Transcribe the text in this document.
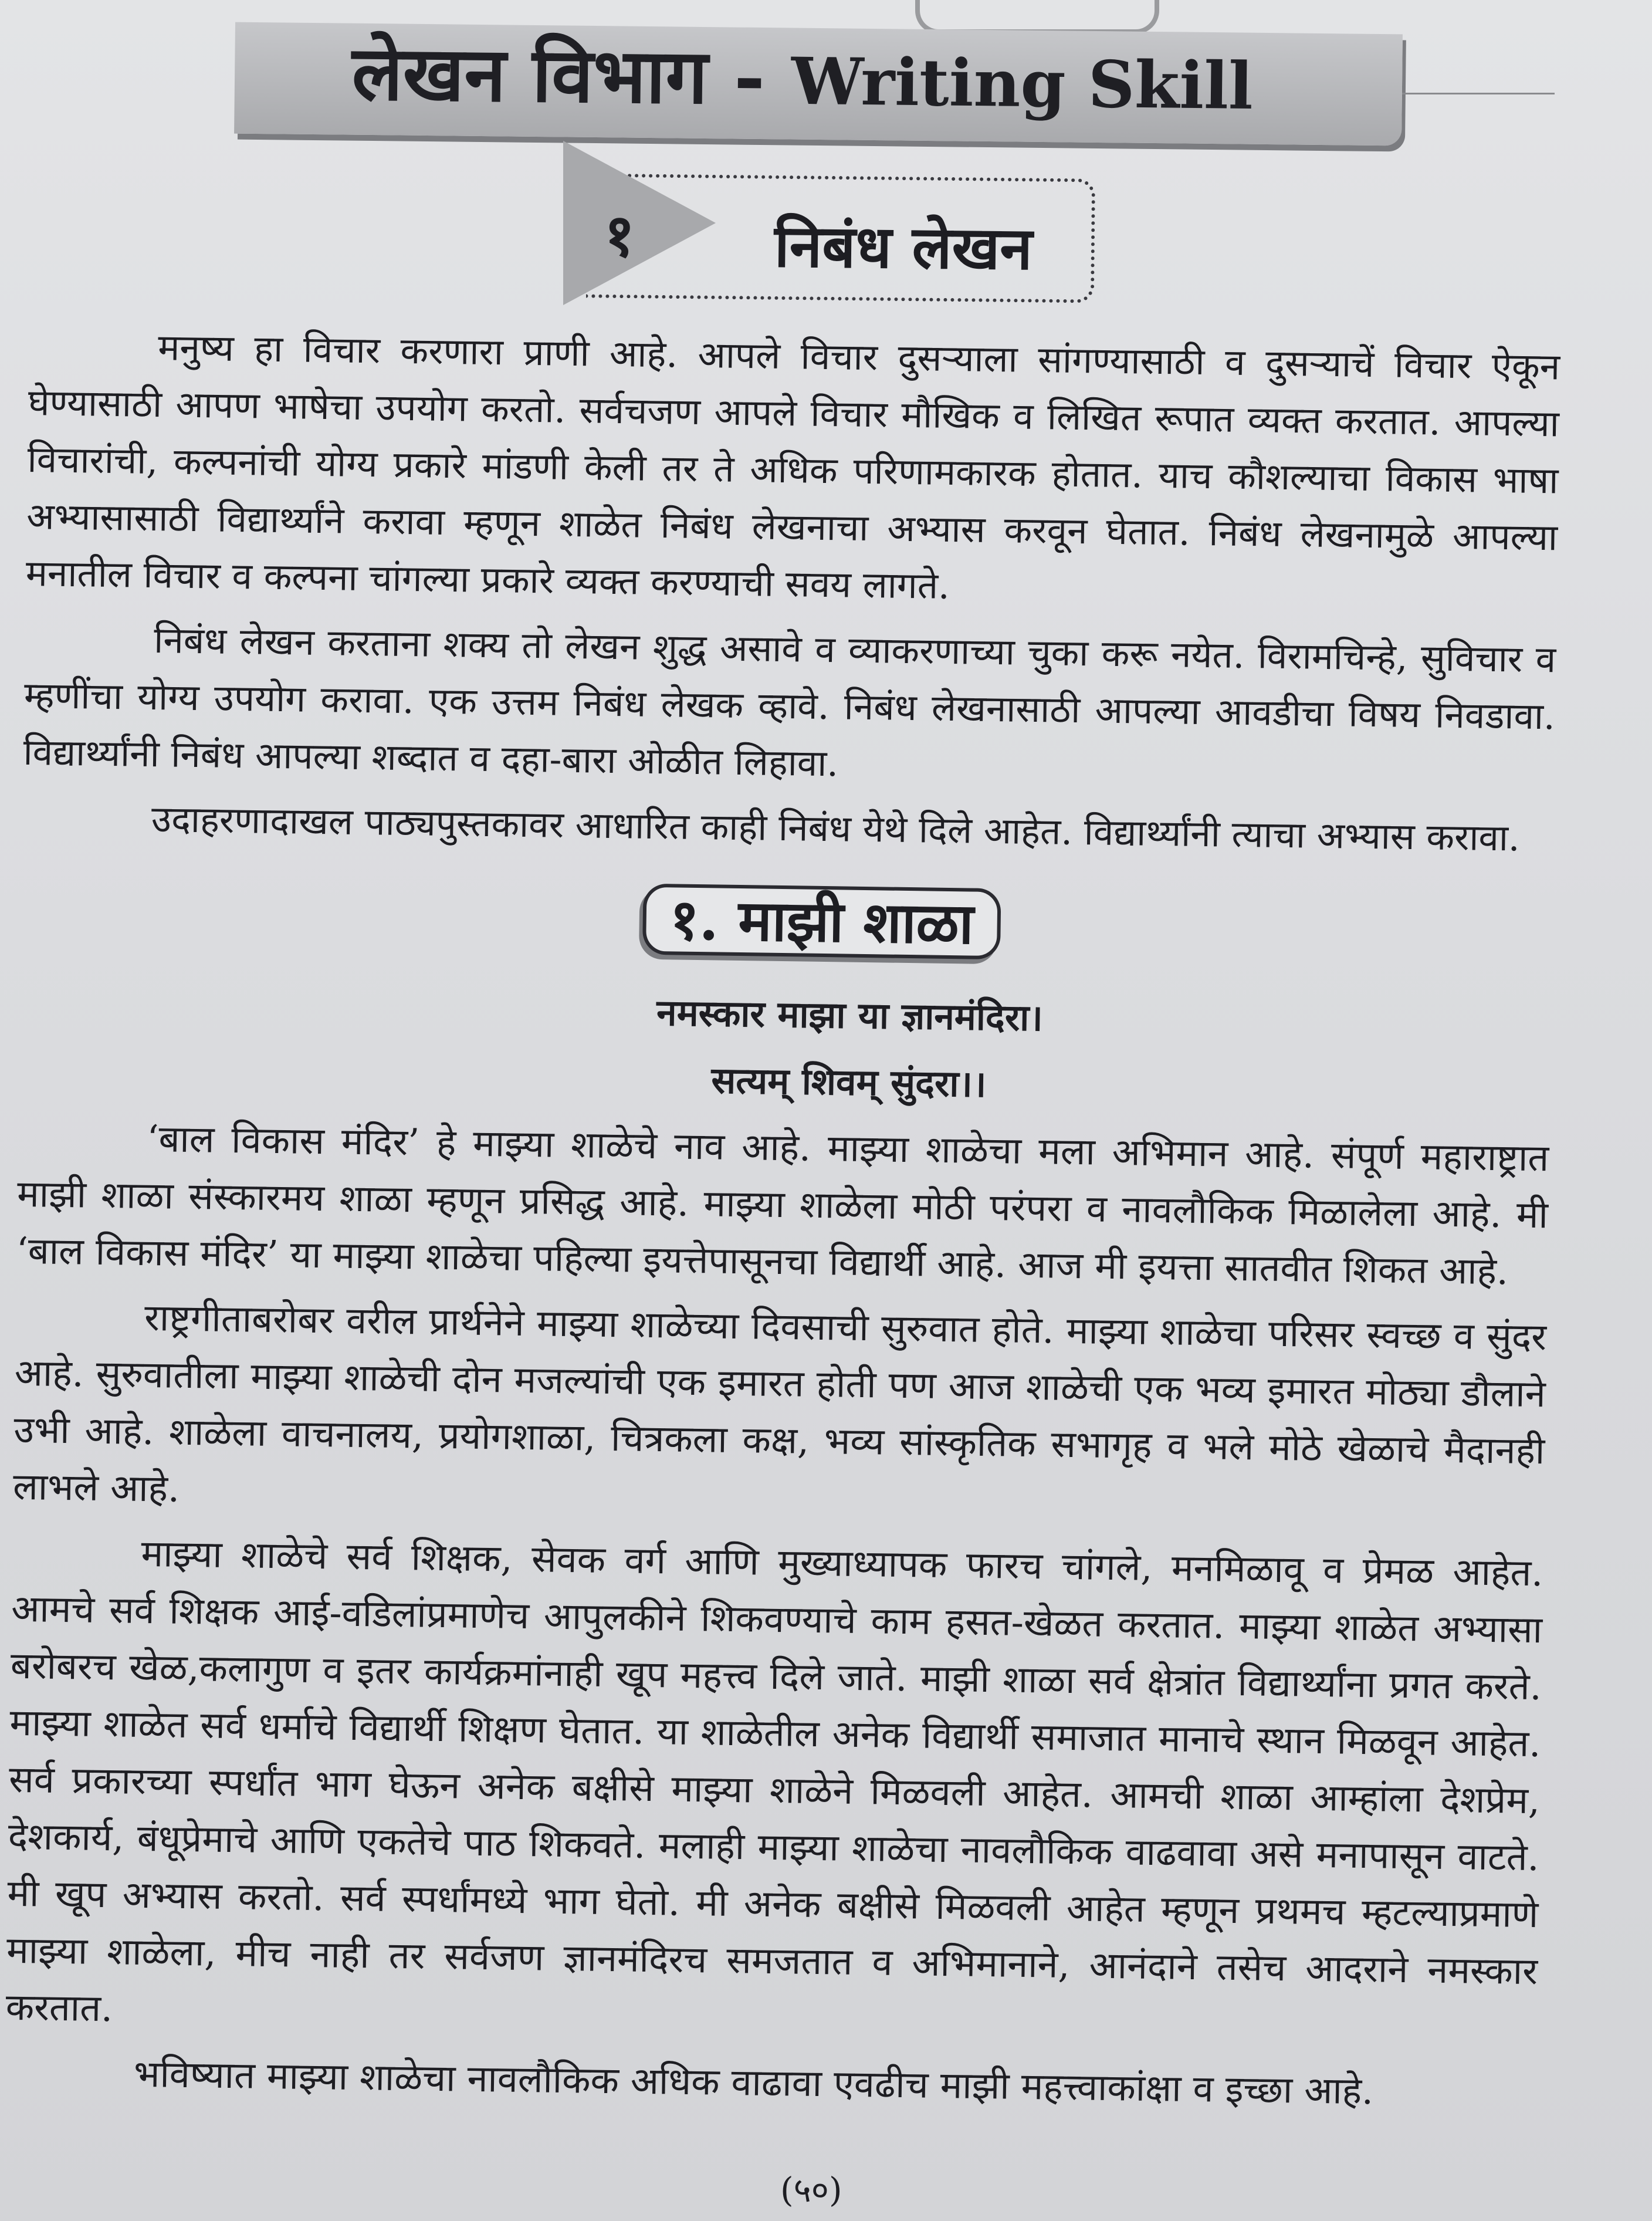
लेखन विभाग - Writing Skill
१ निबंध लेखन

मनुष्य हा विचार करणारा प्राणी आहे. आपले विचार दुसऱ्याला सांगण्यासाठी व दुसऱ्याचें विचार ऐकून घेण्यासाठी आपण भाषेचा उपयोग करतो. सर्वचजण आपले विचार मौखिक व लिखित रूपात व्यक्त करतात. आपल्या विचारांची, कल्पनांची योग्य प्रकारे मांडणी केली तर ते अधिक परिणामकारक होतात. याच कौशल्याचा विकास भाषा अभ्यासासाठी विद्यार्थ्यांने करावा म्हणून शाळेत निबंध लेखनाचा अभ्यास करवून घेतात. निबंध लेखनामुळे आपल्या मनातील विचार व कल्पना चांगल्या प्रकारे व्यक्त करण्याची सवय लागते.

निबंध लेखन करताना शक्य तो लेखन शुद्ध असावे व व्याकरणाच्या चुका करू नयेत. विरामचिन्हे, सुविचार व म्हणींचा योग्य उपयोग करावा. एक उत्तम निबंध लेखक व्हावे. निबंध लेखनासाठी आपल्या आवडीचा विषय निवडावा. विद्यार्थ्यांनी निबंध आपल्या शब्दात व दहा-बारा ओळीत लिहावा.

उदाहरणादाखल पाठ्यपुस्तकावर आधारित काही निबंध येथे दिले आहेत. विद्यार्थ्यांनी त्याचा अभ्यास करावा.

१. माझी शाळा

नमस्कार माझा या ज्ञानमंदिरा।

सत्यम् शिवम् सुंदरा।।

‘बाल विकास मंदिर’ हे माझ्या शाळेचे नाव आहे. माझ्या शाळेचा मला अभिमान आहे. संपूर्ण महाराष्ट्रात माझी शाळा संस्कारमय शाळा म्हणून प्रसिद्ध आहे. माझ्या शाळेला मोठी परंपरा व नावलौकिक मिळालेला आहे. मी ‘बाल विकास मंदिर’ या माझ्या शाळेचा पहिल्या इयत्तेपासूनचा विद्यार्थी आहे. आज मी इयत्ता सातवीत शिकत आहे.

राष्ट्रगीताबरोबर वरील प्रार्थनेने माझ्या शाळेच्या दिवसाची सुरुवात होते. माझ्या शाळेचा परिसर स्वच्छ व सुंदर आहे. सुरुवातीला माझ्या शाळेची दोन मजल्यांची एक इमारत होती पण आज शाळेची एक भव्य इमारत मोठ्या डौलाने उभी आहे. शाळेला वाचनालय, प्रयोगशाळा, चित्रकला कक्ष, भव्य सांस्कृतिक सभागृह व भले मोठे खेळाचे मैदानही लाभले आहे.

माझ्या शाळेचे सर्व शिक्षक, सेवक वर्ग आणि मुख्याध्यापक फारच चांगले, मनमिळावू व प्रेमळ आहेत. आमचे सर्व शिक्षक आई-वडिलांप्रमाणेच आपुलकीने शिकवण्याचे काम हसत-खेळत करतात. माझ्या शाळेत अभ्यासा बरोबरच खेळ,कलागुण व इतर कार्यक्रमांनाही खूप महत्त्व दिले जाते. माझी शाळा सर्व क्षेत्रांत विद्यार्थ्यांना प्रगत करते. माझ्या शाळेत सर्व धर्माचे विद्यार्थी शिक्षण घेतात. या शाळेतील अनेक विद्यार्थी समाजात मानाचे स्थान मिळवून आहेत. सर्व प्रकारच्या स्पर्धांत भाग घेऊन अनेक बक्षीसे माझ्या शाळेने मिळवली आहेत. आमची शाळा आम्हांला देशप्रेम, देशकार्य, बंधूप्रेमाचे आणि एकतेचे पाठ शिकवते. मलाही माझ्या शाळेचा नावलौकिक वाढवावा असे मनापासून वाटते. मी खूप अभ्यास करतो. सर्व स्पर्धांमध्ये भाग घेतो. मी अनेक बक्षीसे मिळवली आहेत म्हणून प्रथमच म्हटल्याप्रमाणे माझ्या शाळेला, मीच नाही तर सर्वजण ज्ञानमंदिरच समजतात व अभिमानाने, आनंदाने तसेच आदराने नमस्कार करतात.

भविष्यात माझ्या शाळेचा नावलौकिक अधिक वाढावा एवढीच माझी महत्त्वाकांक्षा व इच्छा आहे.

(५०)
